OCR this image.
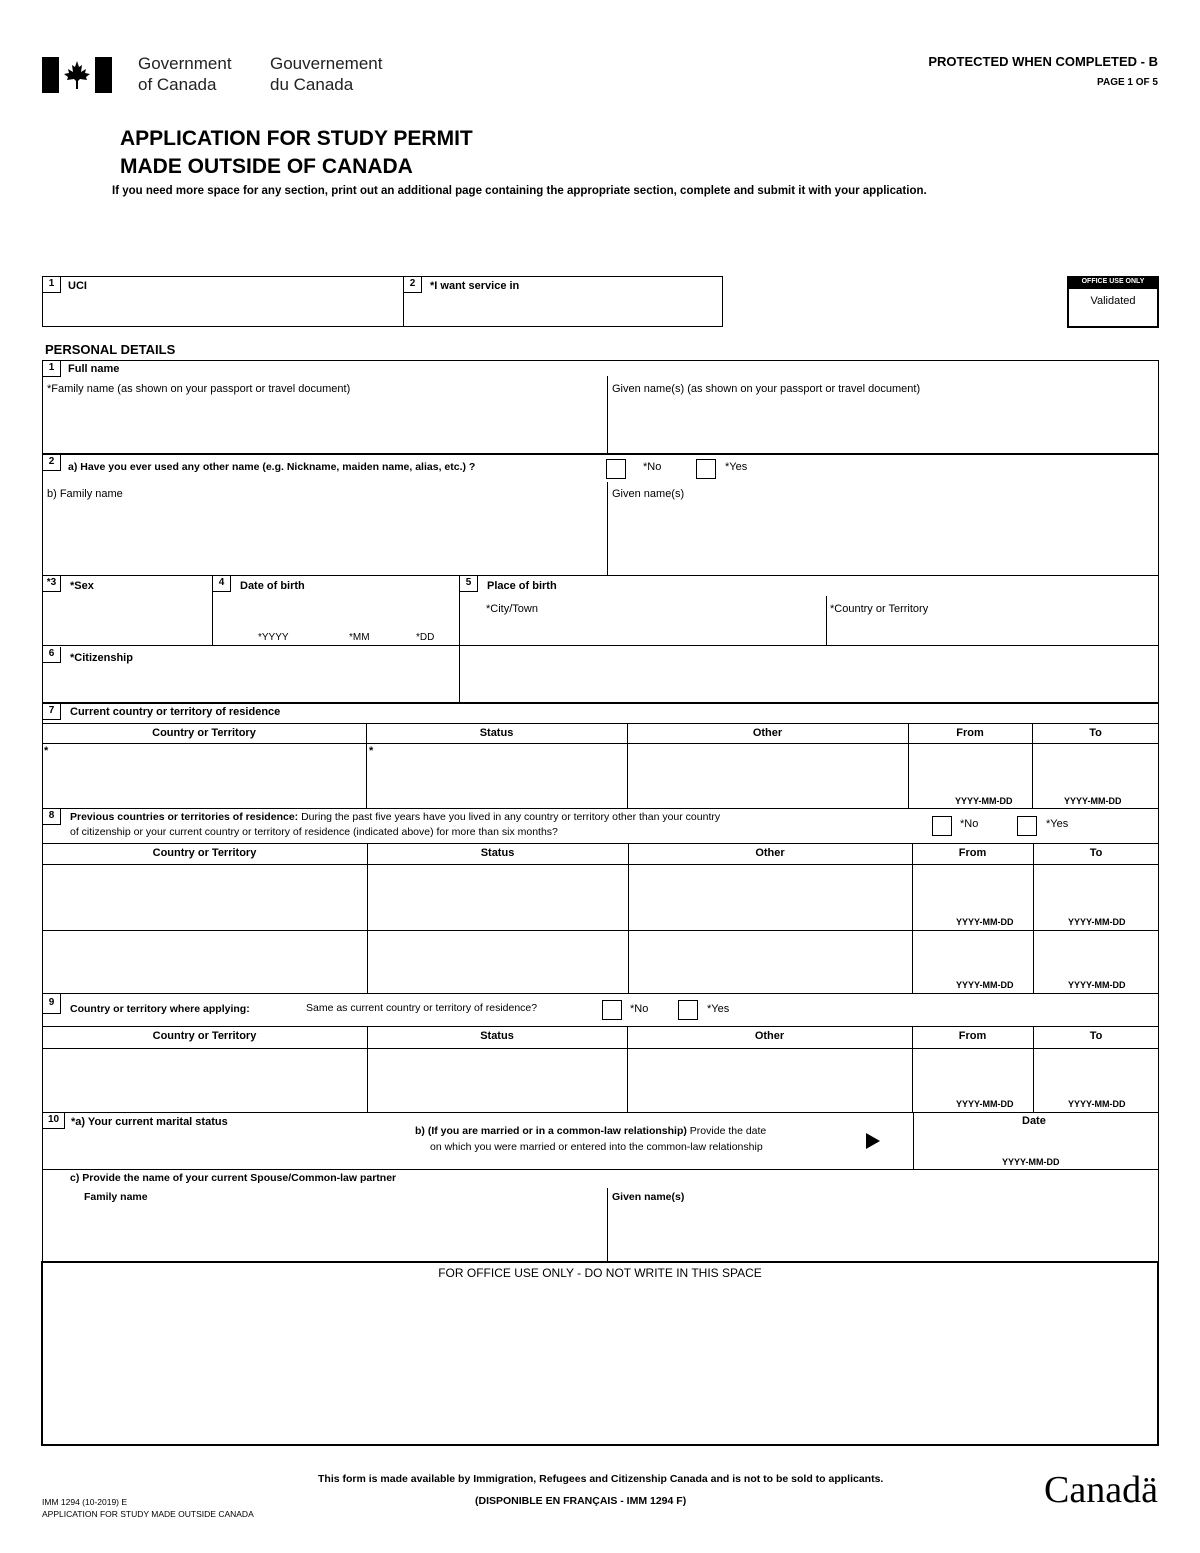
Government
of Canada
Gouvernement
du Canada
PROTECTED WHEN COMPLETED - B
PAGE 1 OF 5
APPLICATION FOR STUDY PERMIT
MADE OUTSIDE OF CANADA
If you need more space for any section, print out an additional page containing the appropriate section, complete and submit it with your application.
1	UCI	2	*I want service in	OFFICE USE ONLY
Validated
PERSONAL DETAILS
1	Full name
*Family name (as shown on your passport or travel document)	Given name(s) (as shown on your passport or travel document)
2	a) Have you ever used any other name (e.g. Nickname, maiden name, alias, etc.) ?	*No	*Yes
b) Family name	Given name(s)
*3	*Sex	4	Date of birth
*YYYY	*MM	*DD
5	Place of birth
*City/Town	*Country or Territory
6	*Citizenship
7	Current country or territory of residence
Country or Territory	Status	Other	From	To
*	*
YYYY-MM-DD	YYYY-MM-DD
8	Previous countries or territories of residence: During the past five years have you lived in any country or territory other than your country
of citizenship or your current country or territory of residence (indicated above) for more than six months?
*No	*Yes
Country or Territory	Status	Other	From	To
YYYY-MM-DD	YYYY-MM-DD
YYYY-MM-DD	YYYY-MM-DD
9
Country or territory where applying:	Same as current country or territory of residence?	*No	*Yes
Country or Territory	Status	Other	From	To
YYYY-MM-DD	YYYY-MM-DD
10	*a) Your current marital status
b) (If you are married or in a common-law relationship) Provide the date
on which you were married or entered into the common-law relationship
Date
YYYY-MM-DD
c) Provide the name of your current Spouse/Common-law partner
Family name	Given name(s)
FOR OFFICE USE ONLY - DO NOT WRITE IN THIS SPACE
This form is made available by Immigration, Refugees and Citizenship Canada and is not to be sold to applicants.
(DISPONIBLE EN FRANÇAIS - IMM 1294 F)
IMM 1294 (10-2019) E
APPLICATION FOR STUDY MADE OUTSIDE CANADA
Canadä
